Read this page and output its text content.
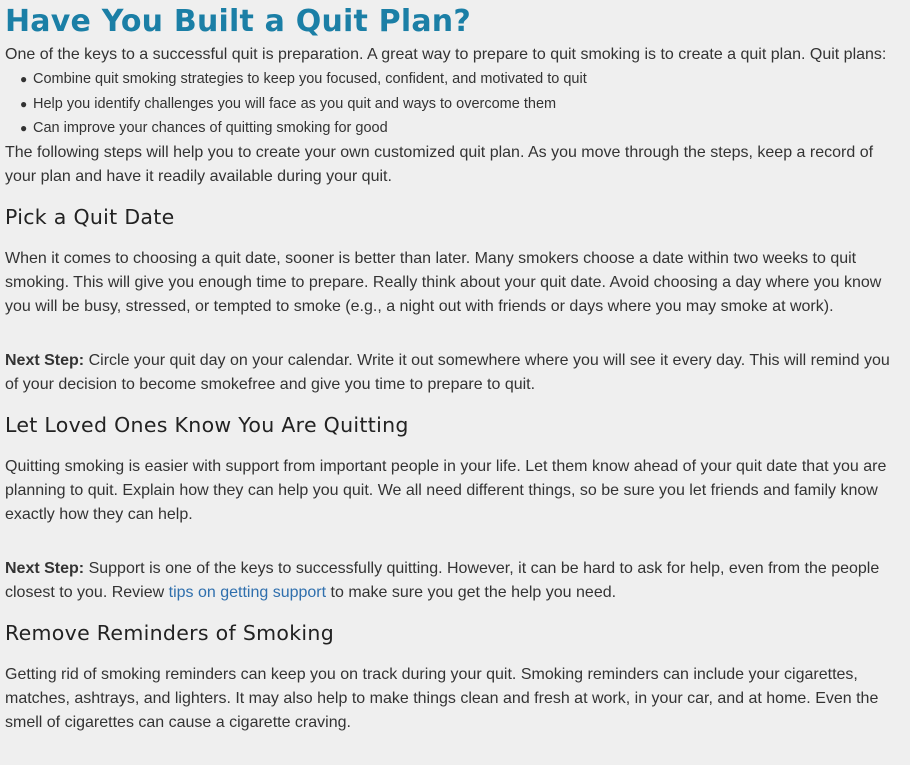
Have You Built a Quit Plan?

One of the keys to a successful quit is preparation. A great way to prepare to quit smoking is to create a quit plan. Quit plans:

● Combine quit smoking strategies to keep you focused, confident, and motivated to quit
● Help you identify challenges you will face as you quit and ways to overcome them
● Can improve your chances of quitting smoking for good

The following steps will help you to create your own customized quit plan. As you move through the steps, keep a record of your plan and have it readily available during your quit.

Pick a Quit Date

When it comes to choosing a quit date, sooner is better than later. Many smokers choose a date within two weeks to quit smoking. This will give you enough time to prepare. Really think about your quit date. Avoid choosing a day where you know you will be busy, stressed, or tempted to smoke (e.g., a night out with friends or days where you may smoke at work).

Next Step: Circle your quit day on your calendar. Write it out somewhere where you will see it every day. This will remind you of your decision to become smokefree and give you time to prepare to quit.

Let Loved Ones Know You Are Quitting

Quitting smoking is easier with support from important people in your life. Let them know ahead of your quit date that you are planning to quit. Explain how they can help you quit. We all need different things, so be sure you let friends and family know exactly how they can help.

Next Step: Support is one of the keys to successfully quitting. However, it can be hard to ask for help, even from the people closest to you. Review tips on getting support to make sure you get the help you need.

Remove Reminders of Smoking

Getting rid of smoking reminders can keep you on track during your quit. Smoking reminders can include your cigarettes, matches, ashtrays, and lighters. It may also help to make things clean and fresh at work, in your car, and at home. Even the smell of cigarettes can cause a cigarette craving.
